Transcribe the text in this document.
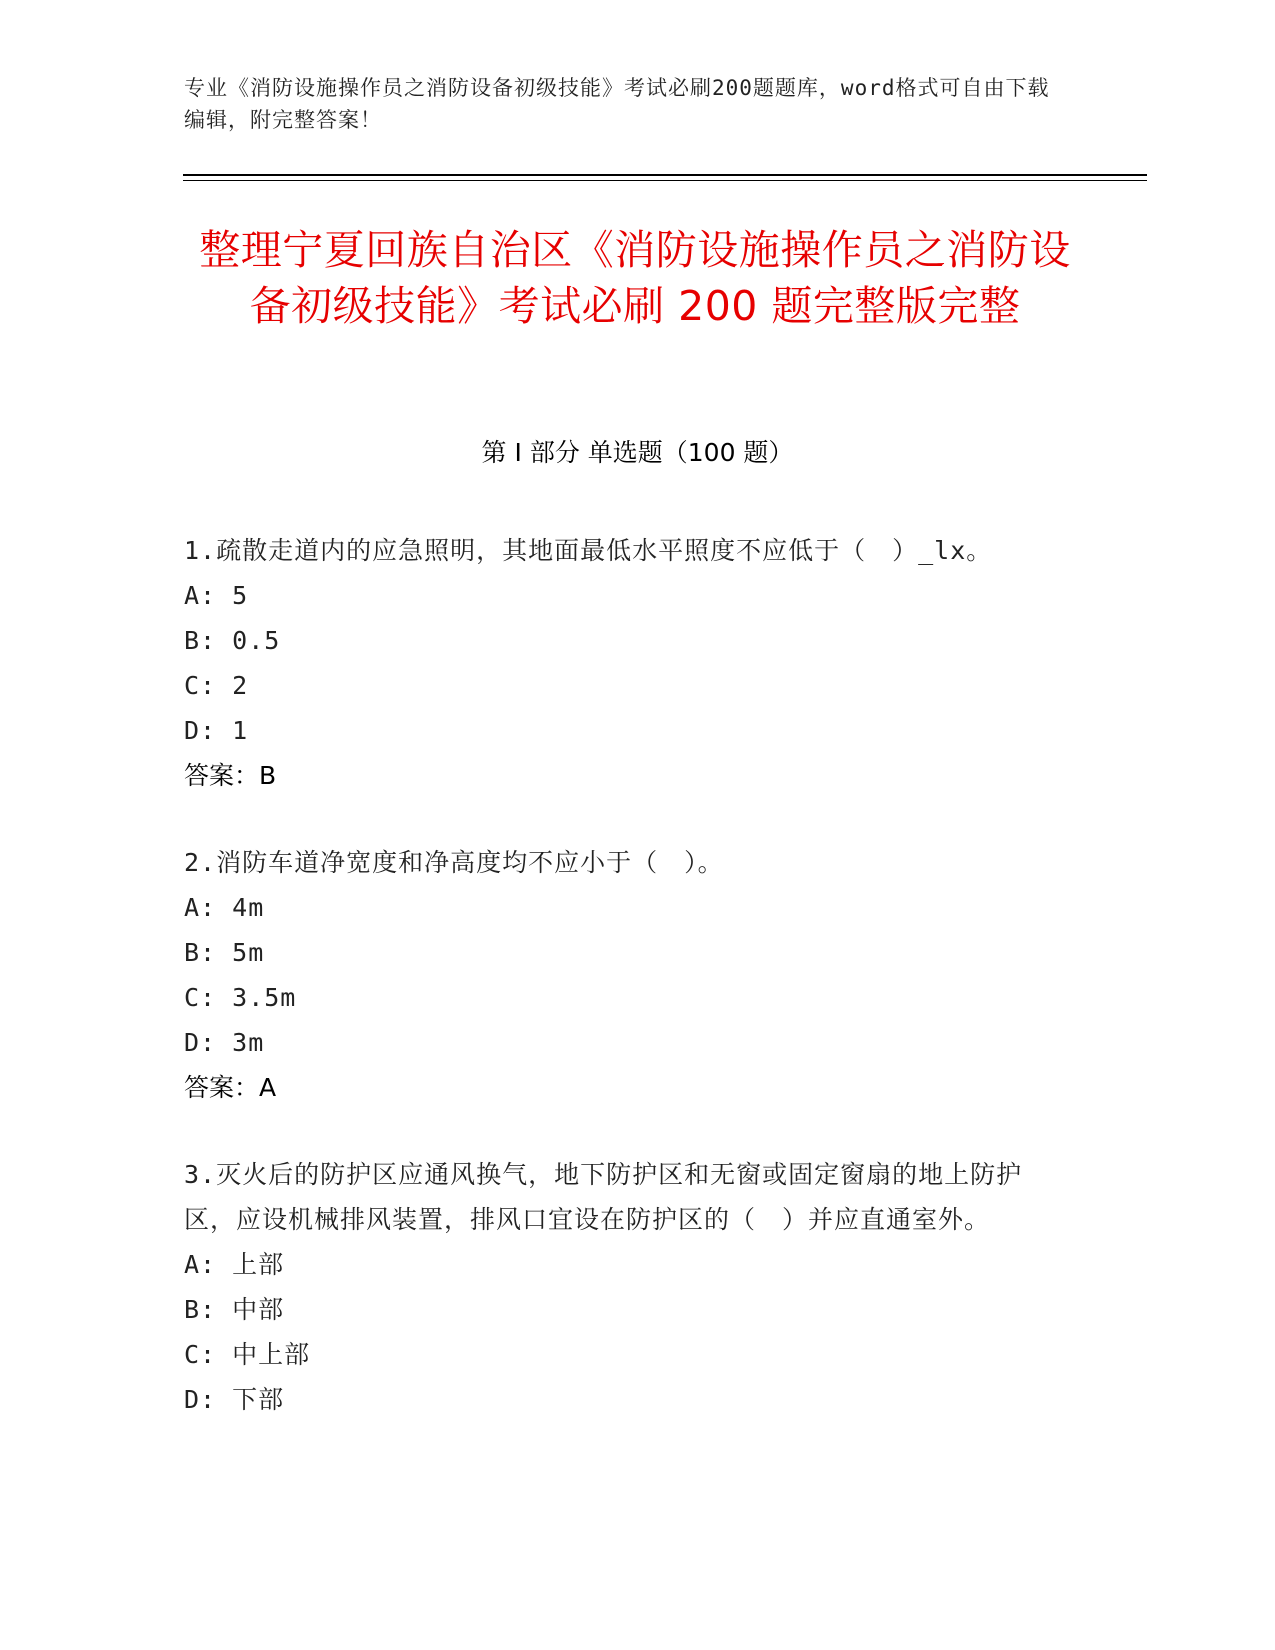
专业《消防设施操作员之消防设备初级技能》考试必刷200题题库，word格式可自由下载编辑，附完整答案！
整理宁夏回族自治区《消防设施操作员之消防设备初级技能》考试必刷 200 题完整版完整
第 I 部分 单选题（100 题）
1.疏散走道内的应急照明，其地面最低水平照度不应低于（　）_lx。
A: 5
B: 0.5
C: 2
D: 1
答案：B
2.消防车道净宽度和净高度均不应小于（　）。
A: 4m
B: 5m
C: 3.5m
D: 3m
答案：A
3.灭火后的防护区应通风换气，地下防护区和无窗或固定窗扇的地上防护区，应设机械排风装置，排风口宜设在防护区的（　）并应直通室外。
A: 上部
B: 中部
C: 中上部
D: 下部
